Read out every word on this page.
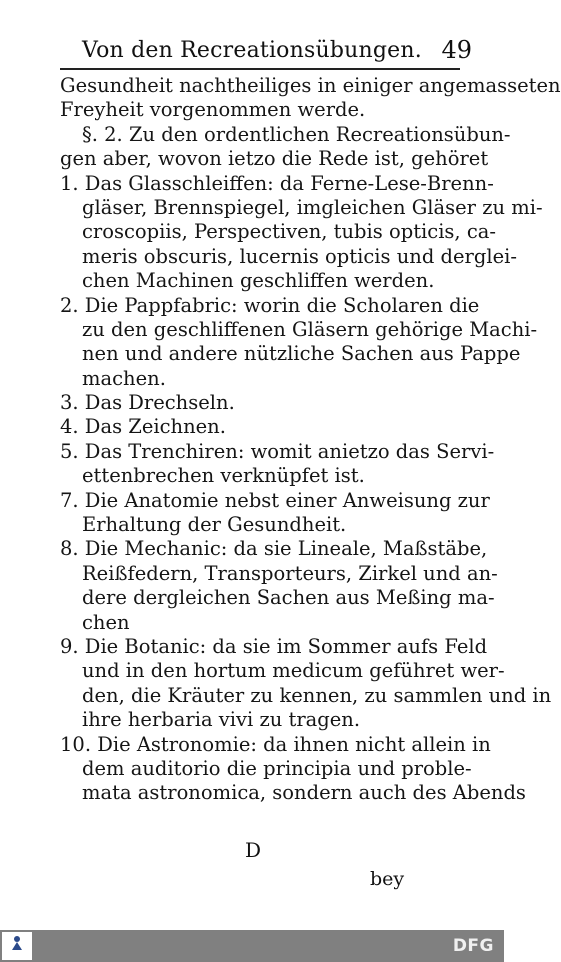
Von den Recreationsübungen. 49
Gesundheit nachtheiliges in einiger angemasseten
Freyheit vorgenommen werde.
§. 2. Zu den ordentlichen Recreationsübun-
gen aber, wovon ietzo die Rede ist, gehöret
1. Das Glasschleiffen: da Ferne-Lese-Brenn-
gläser, Brennspiegel, imgleichen Gläser zu mi-
croscopiis, Perspectiven, tubis opticis, ca-
meris obscuris, lucernis opticis und derglei-
chen Machinen geschliffen werden.
2. Die Pappfabric: worin die Scholaren die
zu den geschliffenen Gläsern gehörige Machi-
nen und andere nützliche Sachen aus Pappe
machen.
3. Das Drechseln.
4. Das Zeichnen.
5. Das Trenchiren: womit anietzo das Servi-
ettenbrechen verknüpfet ist.
7. Die Anatomie nebst einer Anweisung zur
Erhaltung der Gesundheit.
8. Die Mechanic: da sie Lineale, Maßstäbe,
Reißfedern, Transporteurs, Zirkel und an-
dere dergleichen Sachen aus Meßing ma-
chen
9. Die Botanic: da sie im Sommer aufs Feld
und in den hortum medicum geführet wer-
den, die Kräuter zu kennen, zu sammlen und in
ihre herbaria vivi zu tragen.
10. Die Astronomie: da ihnen nicht allein in
dem auditorio die principia und proble-
mata astronomica, sondern auch des Abends
D
bey
DFG
